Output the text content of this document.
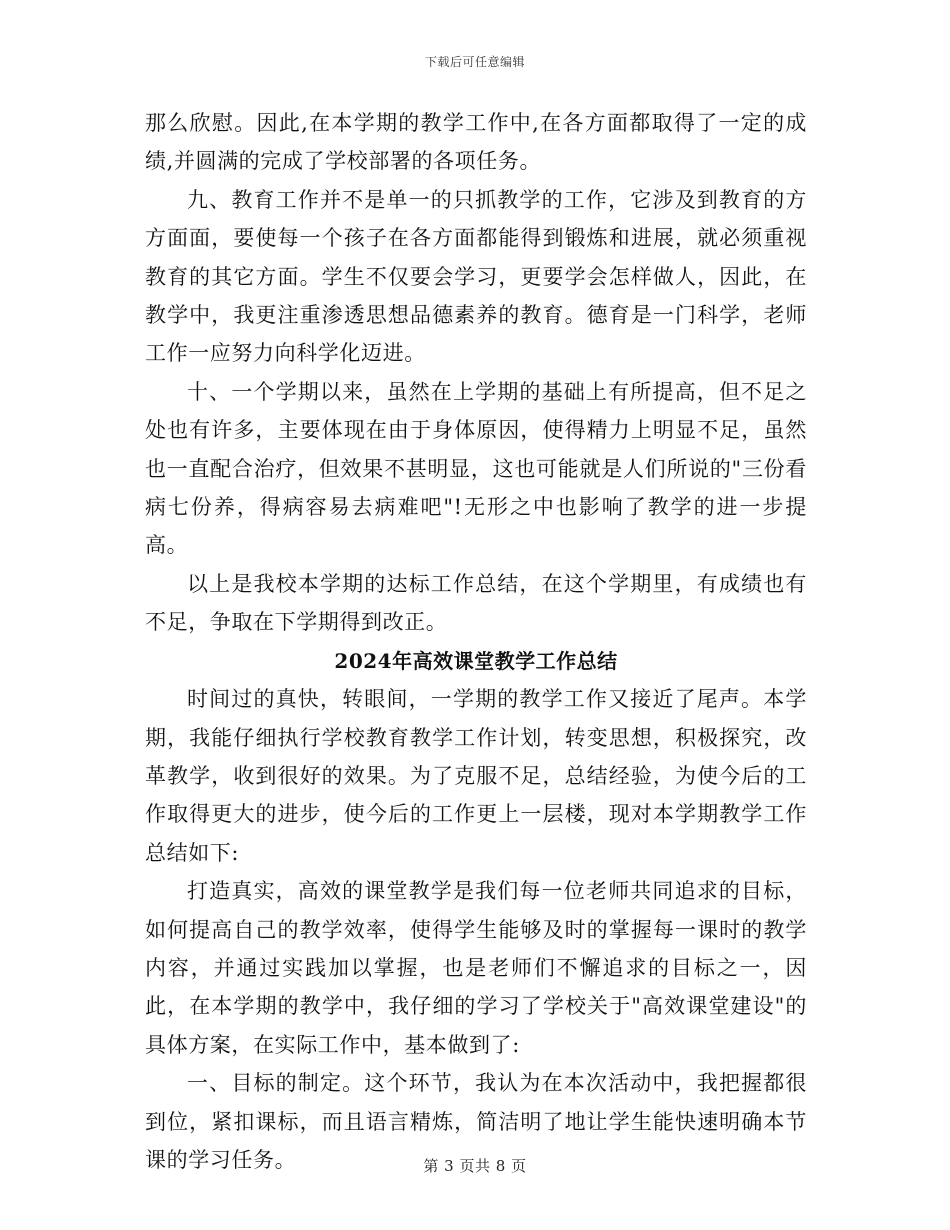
下载后可任意编辑

那么欣慰。因此,在本学期的教学工作中,在各方面都取得了一定的成绩,并圆满的完成了学校部署的各项任务。

九、教育工作并不是单一的只抓教学的工作，它涉及到教育的方方面面，要使每一个孩子在各方面都能得到锻炼和进展，就必须重视教育的其它方面。学生不仅要会学习，更要学会怎样做人，因此，在教学中，我更注重渗透思想品德素养的教育。德育是一门科学，老师工作一应努力向科学化迈进。

十、一个学期以来，虽然在上学期的基础上有所提高，但不足之处也有许多，主要体现在由于身体原因，使得精力上明显不足，虽然也一直配合治疗，但效果不甚明显，这也可能就是人们所说的"三份看病七份养，得病容易去病难吧"!无形之中也影响了教学的进一步提高。

以上是我校本学期的达标工作总结，在这个学期里，有成绩也有不足，争取在下学期得到改正。

2024年高效课堂教学工作总结

时间过的真快，转眼间，一学期的教学工作又接近了尾声。本学期，我能仔细执行学校教育教学工作计划，转变思想，积极探究，改革教学，收到很好的效果。为了克服不足，总结经验，为使今后的工作取得更大的进步，使今后的工作更上一层楼，现对本学期教学工作总结如下:

打造真实，高效的课堂教学是我们每一位老师共同追求的目标，如何提高自己的教学效率，使得学生能够及时的掌握每一课时的教学内容，并通过实践加以掌握，也是老师们不懈追求的目标之一，因此，在本学期的教学中，我仔细的学习了学校关于"高效课堂建设"的具体方案，在实际工作中，基本做到了:

一、目标的制定。这个环节，我认为在本次活动中，我把握都很到位，紧扣课标，而且语言精炼，简洁明了地让学生能快速明确本节课的学习任务。	第 3 页共 8 页
